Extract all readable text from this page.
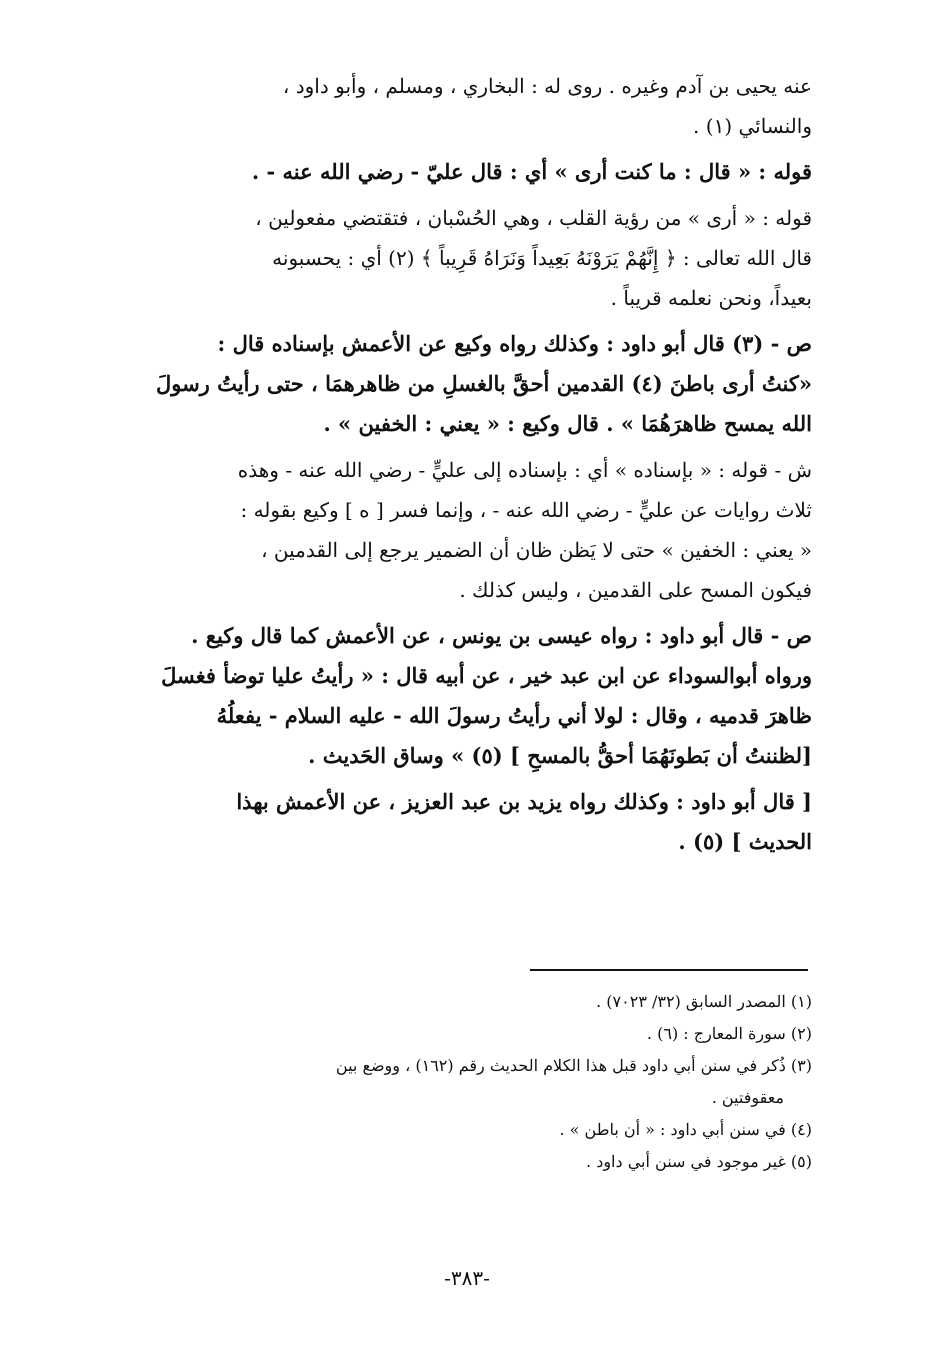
عنه يحيى بن آدم وغيره . روى له : البخاري ، ومسلم ، وأبو داود ،
والنسائي (١) .
قوله : « قال : ما كنت أرى » أي : قال عليّ - رضي الله عنه - .
قوله : « أرى » من رؤية القلب ، وهي الحُسْبان ، فتقتضي مفعولين ،
قال الله تعالى : ﴿ إِنَّهُمْ يَرَوْنَهُ بَعِيداً وَنَرَاهُ قَرِيباً ﴾ (٢) أي : يحسبونه
بعيداً، ونحن نعلمه قريباً .
ص - (٣) قال أبو داود : وكذلك رواه وكيع عن الأعمش بإسناده قال :
«كنتُ أرى باطنَ (٤) القدمين أحقَّ بالغسلِ من ظاهرهمَا ، حتى رأيتُ رسولَ
الله يمسح ظاهرَهُمَا » . قال وكيع : « يعني : الخفين » .
ش - قوله : « بإسناده » أي : بإسناده إلى عليٍّ - رضي الله عنه - وهذه
ثلاث روايات عن عليٍّ - رضي الله عنه - ، وإنما فسر [ ه ] وكيع بقوله :
« يعني : الخفين » حتى لا يَظن ظان أن الضمير يرجع إلى القدمين ،
فيكون المسح على القدمين ، وليس كذلك .
ص - قال أبو داود : رواه عيسى بن يونس ، عن الأعمش كما قال وكيع .
ورواه أبوالسوداء عن ابن عبد خير ، عن أبيه قال : « رأيتُ عليا توضأ فغسلَ
ظاهرَ قدميه ، وقال : لولا أني رأيتُ رسولَ الله - عليه السلام - يفعلُهُ
[لظننتُ أن بَطونَهُمَا أحقُّ بالمسحِ ] (٥) » وساق الحَديث .
[ قال أبو داود : وكذلك رواه يزيد بن عبد العزيز ، عن الأعمش بهذا
الحديث ] (٥) .
(١) المصدر السابق (٣٢/ ٧٠٢٣) .
(٢) سورة المعارج : (٦) .
(٣) ذُكر في سنن أبي داود قبل هذا الكلام الحديث رقم (١٦٢) ، ووضع بين
معقوفتين .
(٤) في سنن أبي داود : « أن باطن » .
(٥) غير موجود في سنن أبي داود .
-٣٨٣-
